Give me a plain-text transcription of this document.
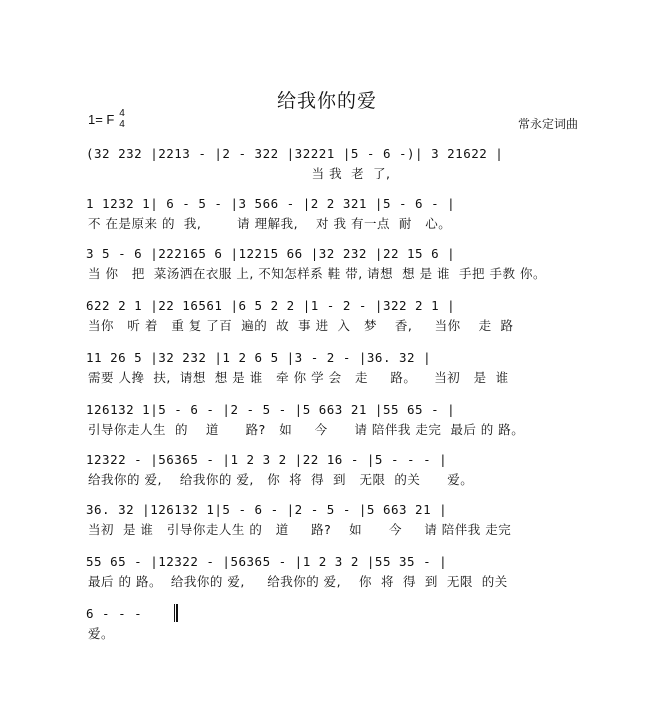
给我你的爱
1= F 4
4	常永定词曲
(32 232 |2213 - |2 - 322 |32221 |5 - 6 -)| 3 21622 |
当 我  老  了,
1 1232 1| 6 - 5 - |3 566 - |2 2 321 |5 - 6 - |
不 在是原来 的  我,        请 理解我,    对 我 有一点  耐   心。
3 5 - 6 |222165 6 |12215 66 |32 232 |22 15 6 |
当 你   把  菜汤洒在衣服 上, 不知怎样系 鞋 带, 请想  想 是 谁  手把 手教 你。
622 2 1 |22 16561 |6 5 2 2 |1 - 2 - |322 2 1 |
当你   听 着   重 复 了百  遍的  故  事 进  入   梦    香,     当你    走  路
11 26 5 |32 232 |1 2 6 5 |3 - 2 - |36. 32 |
需要 人搀  扶,  请想  想 是 谁   牵 你 学 会   走     路。    当初   是  谁
126132 1|5 - 6 - |2 - 5 - |5 663 21 |55 65 - |
引导你走人生  的    道      路?   如     今      请 陪伴我 走完  最后 的 路。
12322 - |56365 - |1 2 3 2 |22 16 - |5 - - - |
给我你的 爱,    给我你的 爱,   你  将  得  到   无限  的关      爱。
36. 32 |126132 1|5 - 6 - |2 - 5 - |5 663 21 |
当初  是 谁   引导你走人生 的   道     路?    如      今     请 陪伴我 走完
55 65 - |12322 - |56365 - |1 2 3 2 |55 35 - |
最后 的 路。  给我你的 爱,     给我你的 爱,    你  将  得  到  无限  的关
6 - - -
爱。
